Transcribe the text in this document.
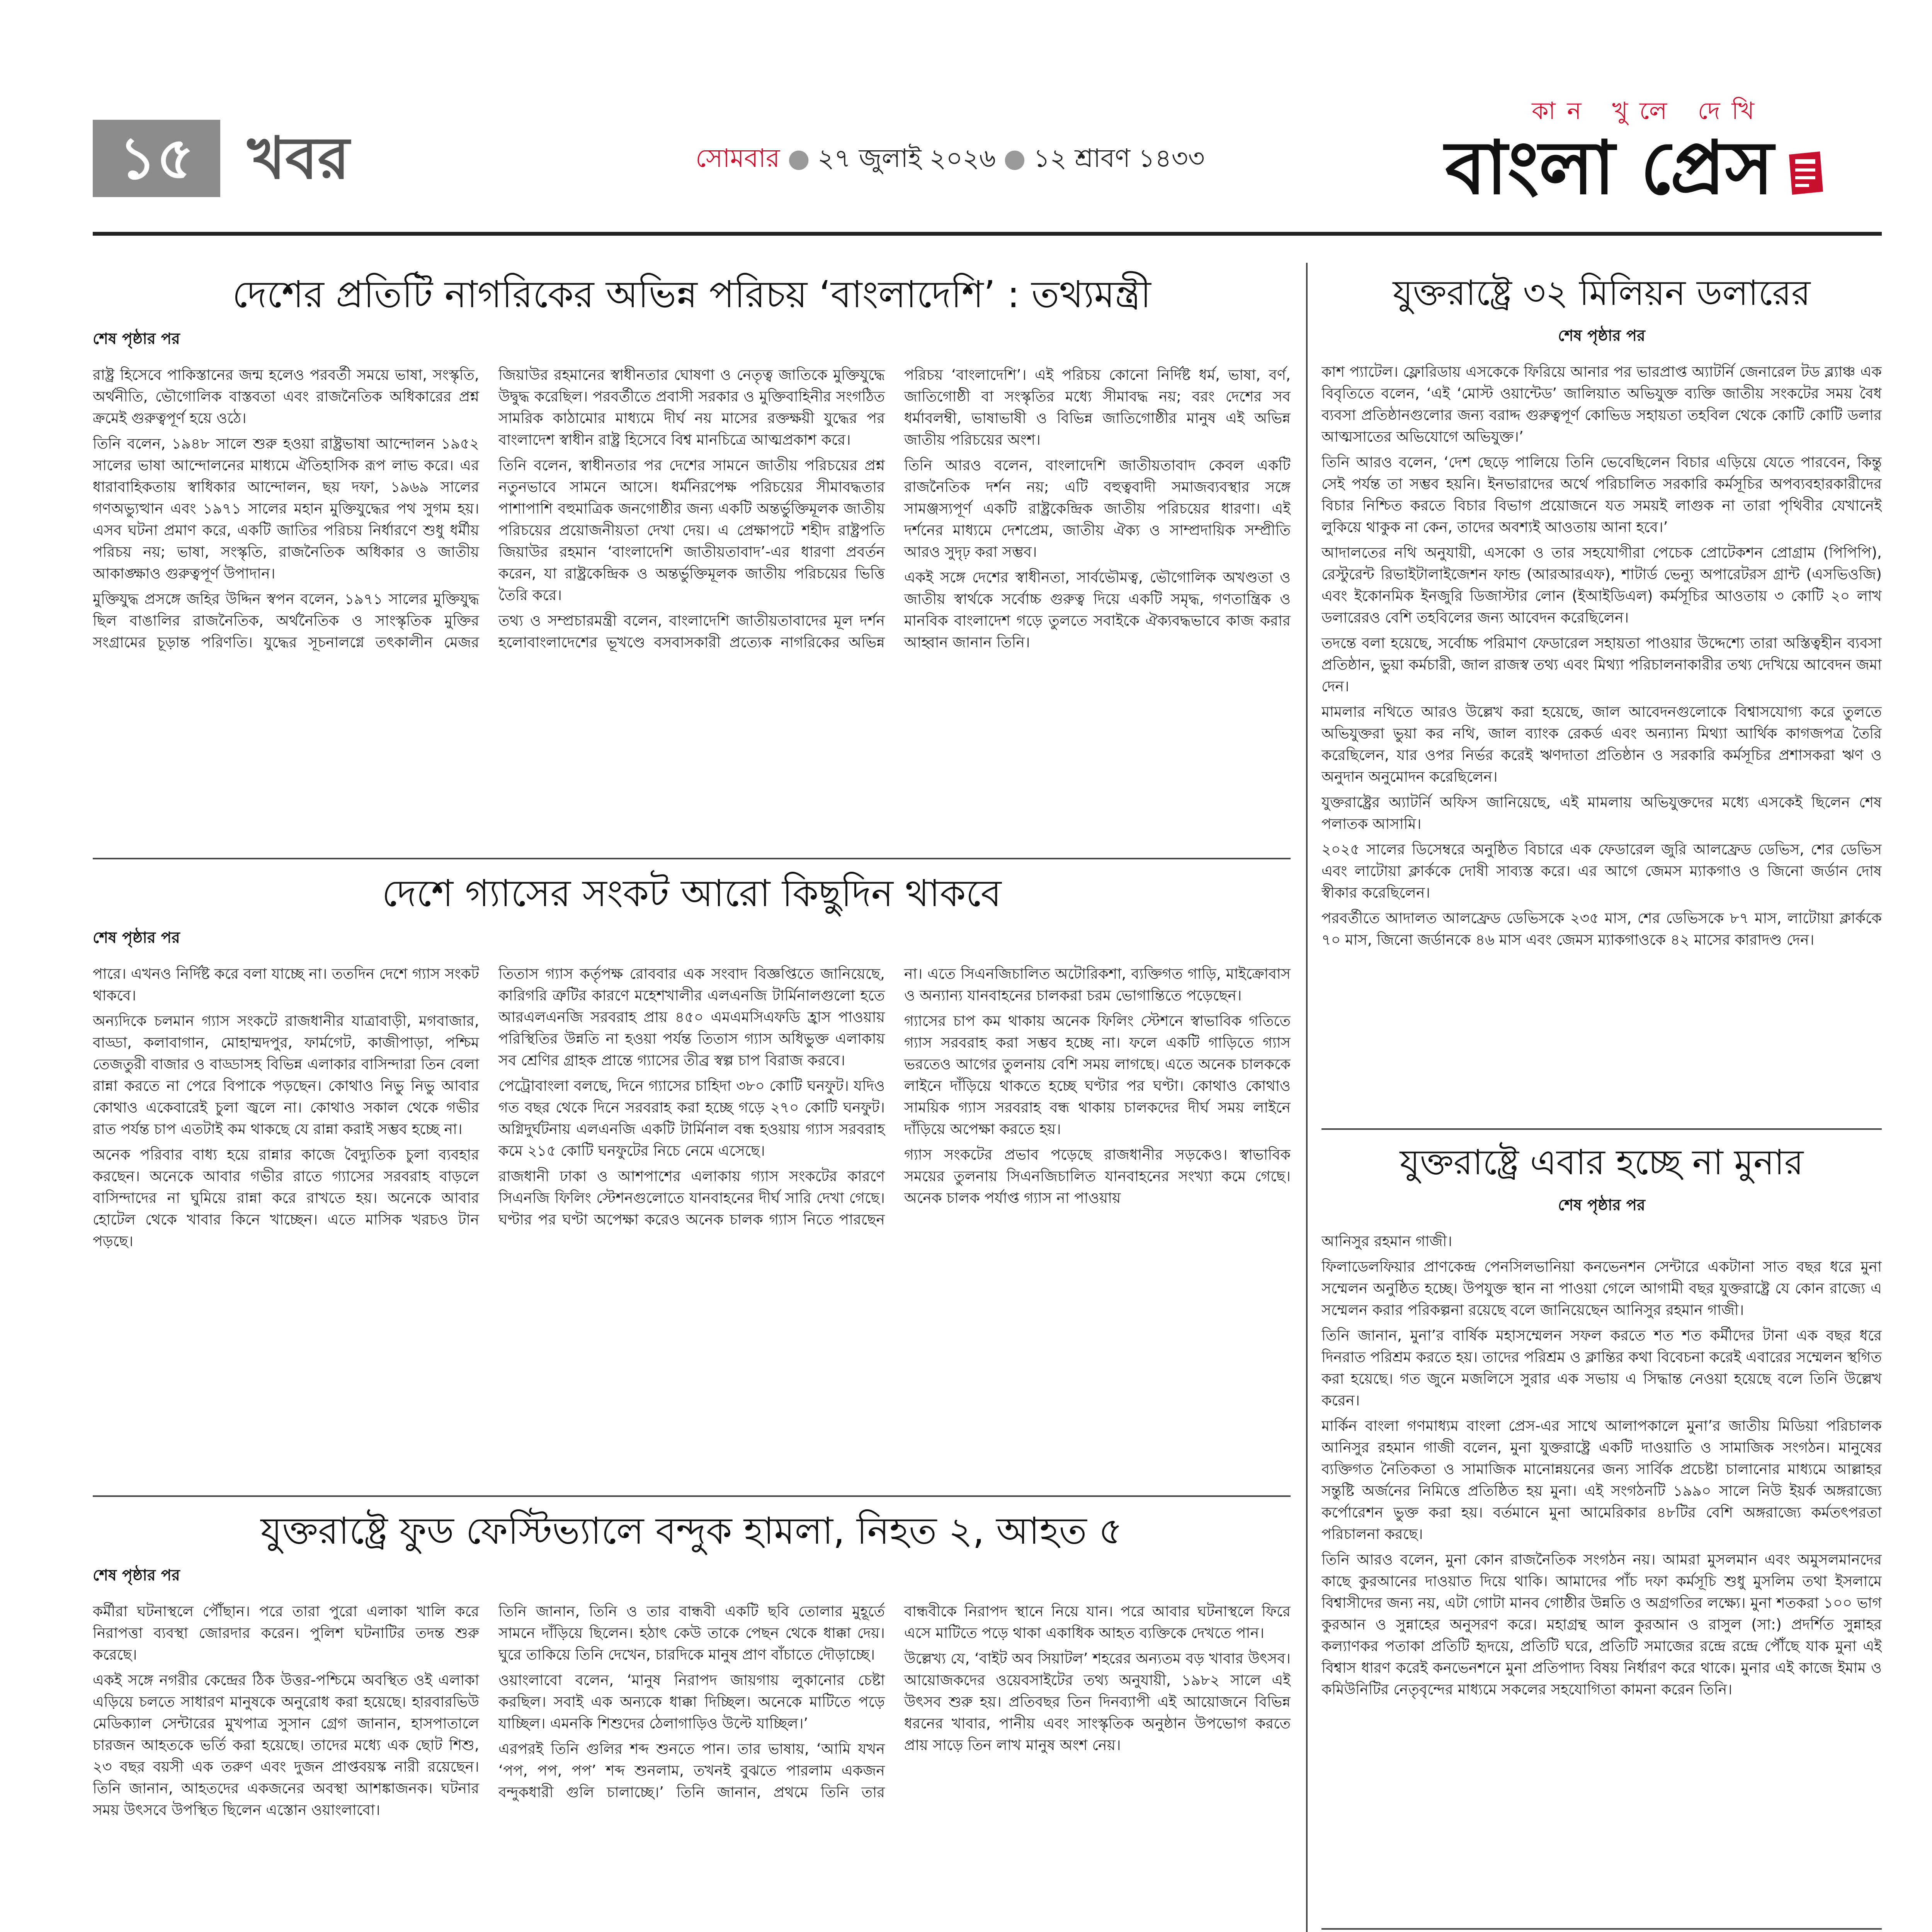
১৫ খবর	সোমবার ● ২৭ জুলাই ২০২৬ ● ১২ শ্রাবণ ১৪৩৩
কান খুলে দেখি
বাংলা প্রেস
দেশের প্রতিটি নাগরিকের অভিন্ন পরিচয় ‘বাংলাদেশি’ : তথ্যমন্ত্রী
শেষ পৃষ্ঠার পর

রাষ্ট্র হিসেবে পাকিস্তানের জন্ম হলেও পরবর্তী সময়ে ভাষা, সংস্কৃতি, অর্থনীতি, ভৌগোলিক বাস্তবতা এবং রাজনৈতিক অধিকারের প্রশ্ন ক্রমেই গুরুত্বপূর্ণ হয়ে ওঠে।

তিনি বলেন, ১৯৪৮ সালে শুরু হওয়া রাষ্ট্রভাষা আন্দোলন ১৯৫২ সালের ভাষা আন্দোলনের মাধ্যমে ঐতিহাসিক রূপ লাভ করে। এর ধারাবাহিকতায় স্বাধিকার আন্দোলন, ছয় দফা, ১৯৬৯ সালের গণঅভ্যুত্থান এবং ১৯৭১ সালের মহান মুক্তিযুদ্ধের পথ সুগম হয়। এসব ঘটনা প্রমাণ করে, একটি জাতির পরিচয় নির্ধারণে শুধু ধর্মীয় পরিচয় নয়; ভাষা, সংস্কৃতি, রাজনৈতিক অধিকার ও জাতীয় আকাঙ্ক্ষাও গুরুত্বপূর্ণ উপাদান।

মুক্তিযুদ্ধ প্রসঙ্গে জহির উদ্দিন স্বপন বলেন, ১৯৭১ সালের মুক্তিযুদ্ধ ছিল বাঙালির রাজনৈতিক, অর্থনৈতিক ও সাংস্কৃতিক মুক্তির সংগ্রামের চূড়ান্ত পরিণতি। যুদ্ধের সূচনালগ্নে তৎকালীন মেজর জিয়াউর রহমানের স্বাধীনতার ঘোষণা ও নেতৃত্ব জাতিকে মুক্তিযুদ্ধে উদ্বুদ্ধ করেছিল। পরবর্তীতে প্রবাসী সরকার ও মুক্তিবাহিনীর সংগঠিত সামরিক কাঠামোর মাধ্যমে দীর্ঘ নয় মাসের রক্তক্ষয়ী যুদ্ধের পর বাংলাদেশ স্বাধীন রাষ্ট্র হিসেবে বিশ্ব মানচিত্রে আত্মপ্রকাশ করে।

তিনি বলেন, স্বাধীনতার পর দেশের সামনে জাতীয় পরিচয়ের প্রশ্ন নতুনভাবে সামনে আসে। ধর্মনিরপেক্ষ পরিচয়ের সীমাবদ্ধতার পাশাপাশি বহুমাত্রিক জনগোষ্ঠীর জন্য একটি অন্তর্ভুক্তিমূলক জাতীয় পরিচয়ের প্রয়োজনীয়তা দেখা দেয়। এ প্রেক্ষাপটে শহীদ রাষ্ট্রপতি জিয়াউর রহমান ‘বাংলাদেশি জাতীয়তাবাদ’-এর ধারণা প্রবর্তন করেন, যা রাষ্ট্রকেন্দ্রিক ও অন্তর্ভুক্তিমূলক জাতীয় পরিচয়ের ভিত্তি তৈরি করে।

তথ্য ও সম্প্রচারমন্ত্রী বলেন, বাংলাদেশি জাতীয়তাবাদের মূল দর্শন হলোবাংলাদেশের ভূখণ্ডে বসবাসকারী প্রত্যেক নাগরিকের অভিন্ন পরিচয় ‘বাংলাদেশি’। এই পরিচয় কোনো নির্দিষ্ট ধর্ম, ভাষা, বর্ণ, জাতিগোষ্ঠী বা সংস্কৃতির মধ্যে সীমাবদ্ধ নয়; বরং দেশের সব ধর্মাবলম্বী, ভাষাভাষী ও বিভিন্ন জাতিগোষ্ঠীর মানুষ এই অভিন্ন জাতীয় পরিচয়ের অংশ।

তিনি আরও বলেন, বাংলাদেশি জাতীয়তাবাদ কেবল একটি রাজনৈতিক দর্শন নয়; এটি বহুত্ববাদী সমাজব্যবস্থার সঙ্গে সামঞ্জস্যপূর্ণ একটি রাষ্ট্রকেন্দ্রিক জাতীয় পরিচয়ের ধারণা। এই দর্শনের মাধ্যমে দেশপ্রেম, জাতীয় ঐক্য ও সাম্প্রদায়িক সম্প্রীতি আরও সুদৃঢ় করা সম্ভব।

একই সঙ্গে দেশের স্বাধীনতা, সার্বভৌমত্ব, ভৌগোলিক অখণ্ডতা ও জাতীয় স্বার্থকে সর্বোচ্চ গুরুত্ব দিয়ে একটি সমৃদ্ধ, গণতান্ত্রিক ও মানবিক বাংলাদেশ গড়ে তুলতে সবাইকে ঐক্যবদ্ধভাবে কাজ করার আহ্বান জানান তিনি।

দেশে গ্যাসের সংকট আরো কিছুদিন থাকবে
শেষ পৃষ্ঠার পর

পারে। এখনও নির্দিষ্ট করে বলা যাচ্ছে না। ততদিন দেশে গ্যাস সংকট থাকবে।

অন্যদিকে চলমান গ্যাস সংকটে রাজধানীর যাত্রাবাড়ী, মগবাজার, বাড্ডা, কলাবাগান, মোহাম্মদপুর, ফার্মগেট, কাজীপাড়া, পশ্চিম তেজতুরী বাজার ও বাড্ডাসহ বিভিন্ন এলাকার বাসিন্দারা তিন বেলা রান্না করতে না পেরে বিপাকে পড়ছেন। কোথাও নিভু নিভু আবার কোথাও একেবারেই চুলা জ্বলে না। কোথাও সকাল থেকে গভীর রাত পর্যন্ত চাপ এতটাই কম থাকছে যে রান্না করাই সম্ভব হচ্ছে না।

অনেক পরিবার বাধ্য হয়ে রান্নার কাজে বৈদ্যুতিক চুলা ব্যবহার করছেন। অনেকে আবার গভীর রাতে গ্যাসের সরবরাহ বাড়লে বাসিন্দাদের না ঘুমিয়ে রান্না করে রাখতে হয়। অনেকে আবার হোটেল থেকে খাবার কিনে খাচ্ছেন। এতে মাসিক খরচও টান পড়ছে।

তিতাস গ্যাস কর্তৃপক্ষ রোববার এক সংবাদ বিজ্ঞপ্তিতে জানিয়েছে, কারিগরি ত্রুটির কারণে মহেশখালীর এলএনজি টার্মিনালগুলো হতে আরএলএনজি সরবরাহ প্রায় ৪৫০ এমএমসিএফডি হ্রাস পাওয়ায় পরিস্থিতির উন্নতি না হওয়া পর্যন্ত তিতাস গ্যাস অধিভুক্ত এলাকায় সব শ্রেণির গ্রাহক প্রান্তে গ্যাসের তীব্র স্বল্প চাপ বিরাজ করবে।

পেট্রোবাংলা বলছে, দিনে গ্যাসের চাহিদা ৩৮০ কোটি ঘনফুট। যদিও গত বছর থেকে দিনে সরবরাহ করা হচ্ছে গড়ে ২৭০ কোটি ঘনফুট। অগ্নিদুর্ঘটনায় এলএনজি একটি টার্মিনাল বন্ধ হওয়ায় গ্যাস সরবরাহ কমে ২১৫ কোটি ঘনফুটের নিচে নেমে এসেছে।

রাজধানী ঢাকা ও আশপাশের এলাকায় গ্যাস সংকটের কারণে সিএনজি ফিলিং স্টেশনগুলোতে যানবাহনের দীর্ঘ সারি দেখা গেছে। ঘণ্টার পর ঘণ্টা অপেক্ষা করেও অনেক চালক গ্যাস নিতে পারছেন না। এতে সিএনজিচালিত অটোরিকশা, ব্যক্তিগত গাড়ি, মাইক্রোবাস ও অন্যান্য যানবাহনের চালকরা চরম ভোগান্তিতে পড়েছেন।

গ্যাসের চাপ কম থাকায় অনেক ফিলিং স্টেশনে স্বাভাবিক গতিতে গ্যাস সরবরাহ করা সম্ভব হচ্ছে না। ফলে একটি গাড়িতে গ্যাস ভরতেও আগের তুলনায় বেশি সময় লাগছে। এতে অনেক চালককে লাইনে দাঁড়িয়ে থাকতে হচ্ছে ঘণ্টার পর ঘণ্টা। কোথাও কোথাও সাময়িক গ্যাস সরবরাহ বন্ধ থাকায় চালকদের দীর্ঘ সময় লাইনে দাঁড়িয়ে অপেক্ষা করতে হয়।

গ্যাস সংকটের প্রভাব পড়েছে রাজধানীর সড়কেও। স্বাভাবিক সময়ের তুলনায় সিএনজিচালিত যানবাহনের সংখ্যা কমে গেছে। অনেক চালক পর্যাপ্ত গ্যাস না পাওয়ায়

যুক্তরাষ্ট্রে ফুড ফেস্টিভ্যালে বন্দুক হামলা, নিহত ২, আহত ৫
শেষ পৃষ্ঠার পর

কর্মীরা ঘটনাস্থলে পৌঁছান। পরে তারা পুরো এলাকা খালি করে নিরাপত্তা ব্যবস্থা জোরদার করেন। পুলিশ ঘটনাটির তদন্ত শুরু করেছে।

একই সঙ্গে নগরীর কেন্দ্রের ঠিক উত্তর-পশ্চিমে অবস্থিত ওই এলাকা এড়িয়ে চলতে সাধারণ মানুষকে অনুরোধ করা হয়েছে। হারবারভিউ মেডিক্যাল সেন্টারের মুখপাত্র সুসান গ্রেগ জানান, হাসপাতালে চারজন আহতকে ভর্তি করা হয়েছে। তাদের মধ্যে এক ছোট শিশু, ২৩ বছর বয়সী এক তরুণ এবং দুজন প্রাপ্তবয়স্ক নারী রয়েছেন। তিনি জানান, আহতদের একজনের অবস্থা আশঙ্কাজনক। ঘটনার সময় উৎসবে উপস্থিত ছিলেন এস্তোন ওয়াংলাবো।

তিনি জানান, তিনি ও তার বান্ধবী একটি ছবি তোলার মুহূর্তে সামনে দাঁড়িয়ে ছিলেন। হঠাৎ কেউ তাকে পেছন থেকে ধাক্কা দেয়। ঘুরে তাকিয়ে তিনি দেখেন, চারদিকে মানুষ প্রাণ বাঁচাতে দৌড়াচ্ছে।

ওয়াংলাবো বলেন, ‘মানুষ নিরাপদ জায়গায় লুকানোর চেষ্টা করছিল। সবাই এক অন্যকে ধাক্কা দিচ্ছিল। অনেকে মাটিতে পড়ে যাচ্ছিল। এমনকি শিশুদের ঠেলাগাড়িও উল্টে যাচ্ছিল।’

এরপরই তিনি গুলির শব্দ শুনতে পান। তার ভাষায়, ‘আমি যখন ‘পপ, পপ, পপ’ শব্দ শুনলাম, তখনই বুঝতে পারলাম একজন বন্দুকধারী গুলি চালাচ্ছে।’ তিনি জানান, প্রথমে তিনি তার বান্ধবীকে নিরাপদ স্থানে নিয়ে যান। পরে আবার ঘটনাস্থলে ফিরে এসে মাটিতে পড়ে থাকা একাধিক আহত ব্যক্তিকে দেখতে পান।

উল্লেখ্য যে, ‘বাইট অব সিয়াটল’ শহরের অন্যতম বড় খাবার উৎসব। আয়োজকদের ওয়েবসাইটের তথ্য অনুযায়ী, ১৯৮২ সালে এই উৎসব শুরু হয়। প্রতিবছর তিন দিনব্যাপী এই আয়োজনে বিভিন্ন ধরনের খাবার, পানীয় এবং সাংস্কৃতিক অনুষ্ঠান উপভোগ করতে প্রায় সাড়ে তিন লাখ মানুষ অংশ নেয়।

যুক্তরাষ্ট্রে ৩২ মিলিয়ন ডলারের
শেষ পৃষ্ঠার পর

কাশ প্যাটেল। ফ্লোরিডায় এসকেকে ফিরিয়ে আনার পর ভারপ্রাপ্ত অ্যাটর্নি জেনারেল টড ব্ল্যাঞ্চ এক বিবৃতিতে বলেন, ‘এই ‘মোস্ট ওয়ান্টেড’ জালিয়াত অভিযুক্ত ব্যক্তি জাতীয় সংকটের সময় বৈধ ব্যবসা প্রতিষ্ঠানগুলোর জন্য বরাদ্দ গুরুত্বপূর্ণ কোভিড সহায়তা তহবিল থেকে কোটি কোটি ডলার আত্মসাতের অভিযোগে অভিযুক্ত।’

তিনি আরও বলেন, ‘দেশ ছেড়ে পালিয়ে তিনি ভেবেছিলেন বিচার এড়িয়ে যেতে পারবেন, কিন্তু সেই পর্যন্ত তা সম্ভব হয়নি। ইনভারাদের অর্থে পরিচালিত সরকারি কর্মসূচির অপব্যবহারকারীদের বিচার নিশ্চিত করতে বিচার বিভাগ প্রয়োজনে যত সময়ই লাগুক না তারা পৃথিবীর যেখানেই লুকিয়ে থাকুক না কেন, তাদের অবশ্যই আওতায় আনা হবে।’

আদালতের নথি অনুযায়ী, এসকো ও তার সহযোগীরা পেচেক প্রোটেকশন প্রোগ্রাম (পিপিপি), রেস্টুরেন্ট রিভাইটালাইজেশন ফান্ড (আরআরএফ), শাটার্ড ভেন্যু অপারেটরস গ্রান্ট (এসভিওজি) এবং ইকোনমিক ইনজুরি ডিজাস্টার লোন (ইআইডিএল) কর্মসূচির আওতায় ৩ কোটি ২০ লাখ ডলারেরও বেশি তহবিলের জন্য আবেদন করেছিলেন।

তদন্তে বলা হয়েছে, সর্বোচ্চ পরিমাণ ফেডারেল সহায়তা পাওয়ার উদ্দেশ্যে তারা অস্তিত্বহীন ব্যবসা প্রতিষ্ঠান, ভুয়া কর্মচারী, জাল রাজস্ব তথ্য এবং মিথ্যা পরিচালনাকারীর তথ্য দেখিয়ে আবেদন জমা দেন।

মামলার নথিতে আরও উল্লেখ করা হয়েছে, জাল আবেদনগুলোকে বিশ্বাসযোগ্য করে তুলতে অভিযুক্তরা ভুয়া কর নথি, জাল ব্যাংক রেকর্ড এবং অন্যান্য মিথ্যা আর্থিক কাগজপত্র তৈরি করেছিলেন, যার ওপর নির্ভর করেই ঋণদাতা প্রতিষ্ঠান ও সরকারি কর্মসূচির প্রশাসকরা ঋণ ও অনুদান অনুমোদন করেছিলেন।

যুক্তরাষ্ট্রের অ্যাটর্নি অফিস জানিয়েছে, এই মামলায় অভিযুক্তদের মধ্যে এসকেই ছিলেন শেষ পলাতক আসামি।

২০২৫ সালের ডিসেম্বরে অনুষ্ঠিত বিচারে এক ফেডারেল জুরি আলফ্রেড ডেভিস, শের ডেভিস এবং লাটোয়া ক্লার্ককে দোষী সাব্যস্ত করে। এর আগে জেমস ম্যাকগাও ও জিনো জর্ডান দোষ স্বীকার করেছিলেন।

পরবর্তীতে আদালত আলফ্রেড ডেভিসকে ২৩৫ মাস, শের ডেভিসকে ৮৭ মাস, লাটোয়া ক্লার্ককে ৭০ মাস, জিনো জর্ডানকে ৪৬ মাস এবং জেমস ম্যাকগাওকে ৪২ মাসের কারাদণ্ড দেন।

যুক্তরাষ্ট্রে এবার হচ্ছে না মুনার
শেষ পৃষ্ঠার পর

আনিসুর রহমান গাজী।

ফিলাডেলফিয়ার প্রাণকেন্দ্র পেনসিলভানিয়া কনভেনশন সেন্টারে একটানা সাত বছর ধরে মুনা সম্মেলন অনুষ্ঠিত হচ্ছে। উপযুক্ত স্থান না পাওয়া গেলে আগামী বছর যুক্তরাষ্ট্রে যে কোন রাজ্যে এ সম্মেলন করার পরিকল্পনা রয়েছে বলে জানিয়েছেন আনিসুর রহমান গাজী।

তিনি জানান, মুনা’র বার্ষিক মহাসম্মেলন সফল করতে শত শত কর্মীদের টানা এক বছর ধরে দিনরাত পরিশ্রম করতে হয়। তাদের পরিশ্রম ও ক্লান্তির কথা বিবেচনা করেই এবারের সম্মেলন স্থগিত করা হয়েছে। গত জুনে মজলিসে সুরার এক সভায় এ সিদ্ধান্ত নেওয়া হয়েছে বলে তিনি উল্লেখ করেন।

মার্কিন বাংলা গণমাধ্যম বাংলা প্রেস-এর সাথে আলাপকালে মুনা’র জাতীয় মিডিয়া পরিচালক আনিসুর রহমান গাজী বলেন, মুনা যুক্তরাষ্ট্রে একটি দাওয়াতি ও সামাজিক সংগঠন। মানুষের ব্যক্তিগত নৈতিকতা ও সামাজিক মানোন্নয়নের জন্য সার্বিক প্রচেষ্টা চালানোর মাধ্যমে আল্লাহর সন্তুষ্টি অর্জনের নিমিত্তে প্রতিষ্ঠিত হয় মুনা। এই সংগঠনটি ১৯৯০ সালে নিউ ইয়র্ক অঙ্গরাজ্যে কর্পোরেশন ভুক্ত করা হয়। বর্তমানে মুনা আমেরিকার ৪৮টির বেশি অঙ্গরাজ্যে কর্মতৎপরতা পরিচালনা করছে।

তিনি আরও বলেন, মুনা কোন রাজনৈতিক সংগঠন নয়। আমরা মুসলমান এবং অমুসলমানদের কাছে কুরআনের দাওয়াত দিয়ে থাকি। আমাদের পাঁচ দফা কর্মসূচি শুধু মুসলিম তথা ইসলামে বিশ্বাসীদের জন্য নয়, এটা গোটা মানব গোষ্ঠীর উন্নতি ও অগ্রগতির লক্ষ্যে। মুনা শতকরা ১০০ ভাগ কুরআন ও সুন্নাহের অনুসরণ করে। মহাগ্রন্থ আল কুরআন ও রাসুল (সা:) প্রদর্শিত সুন্নাহর কল্যাণকর পতাকা প্রতিটি হৃদয়ে, প্রতিটি ঘরে, প্রতিটি সমাজের রন্দ্রে রন্দ্রে পৌঁছে যাক মুনা এই বিশ্বাস ধারণ করেই কনভেনশনে মুনা প্রতিপাদ্য বিষয় নির্ধারণ করে থাকে। মুনার এই কাজে ইমাম ও কমিউনিটির নেতৃবৃন্দের মাধ্যমে সকলের সহযোগিতা কামনা করেন তিনি।
